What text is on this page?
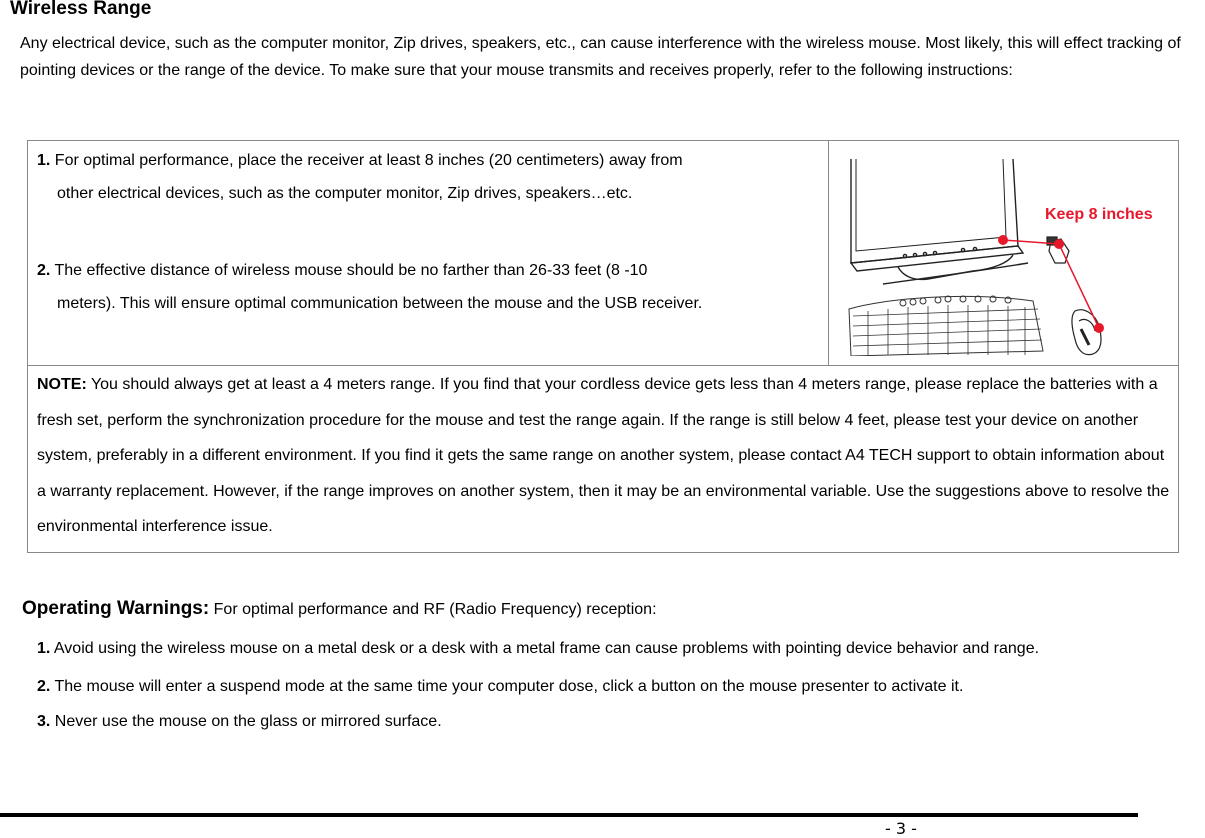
Wireless Range
Any electrical device, such as the computer monitor, Zip drives, speakers, etc., can cause interference with the wireless mouse. Most likely, this will effect tracking of pointing devices or the range of the device. To make sure that your mouse transmits and receives properly, refer to the following instructions:
1. For optimal performance, place the receiver at least 8 inches (20 centimeters) away from
other electrical devices, such as the computer monitor, Zip drives, speakers…etc.
2. The effective distance of wireless mouse should be no farther than 26-33 feet (8 -10
meters). This will ensure optimal communication between the mouse and the USB receiver.
Keep 8 inches
NOTE: You should always get at least a 4 meters range. If you find that your cordless device gets less than 4 meters range, please replace the batteries with a fresh set, perform the synchronization procedure for the mouse and test the range again. If the range is still below 4 feet, please test your device on another system, preferably in a different environment. If you find it gets the same range on another system, please contact A4 TECH support to obtain information about a warranty replacement. However, if the range improves on another system, then it may be an environmental variable. Use the suggestions above to resolve the environmental interference issue.
Operating Warnings: For optimal performance and RF (Radio Frequency) reception:
1. Avoid using the wireless mouse on a metal desk or a desk with a metal frame can cause problems with pointing device behavior and range.
2. The mouse will enter a suspend mode at the same time your computer dose, click a button on the mouse presenter to activate it.
3. Never use the mouse on the glass or mirrored surface.
- 3 -
